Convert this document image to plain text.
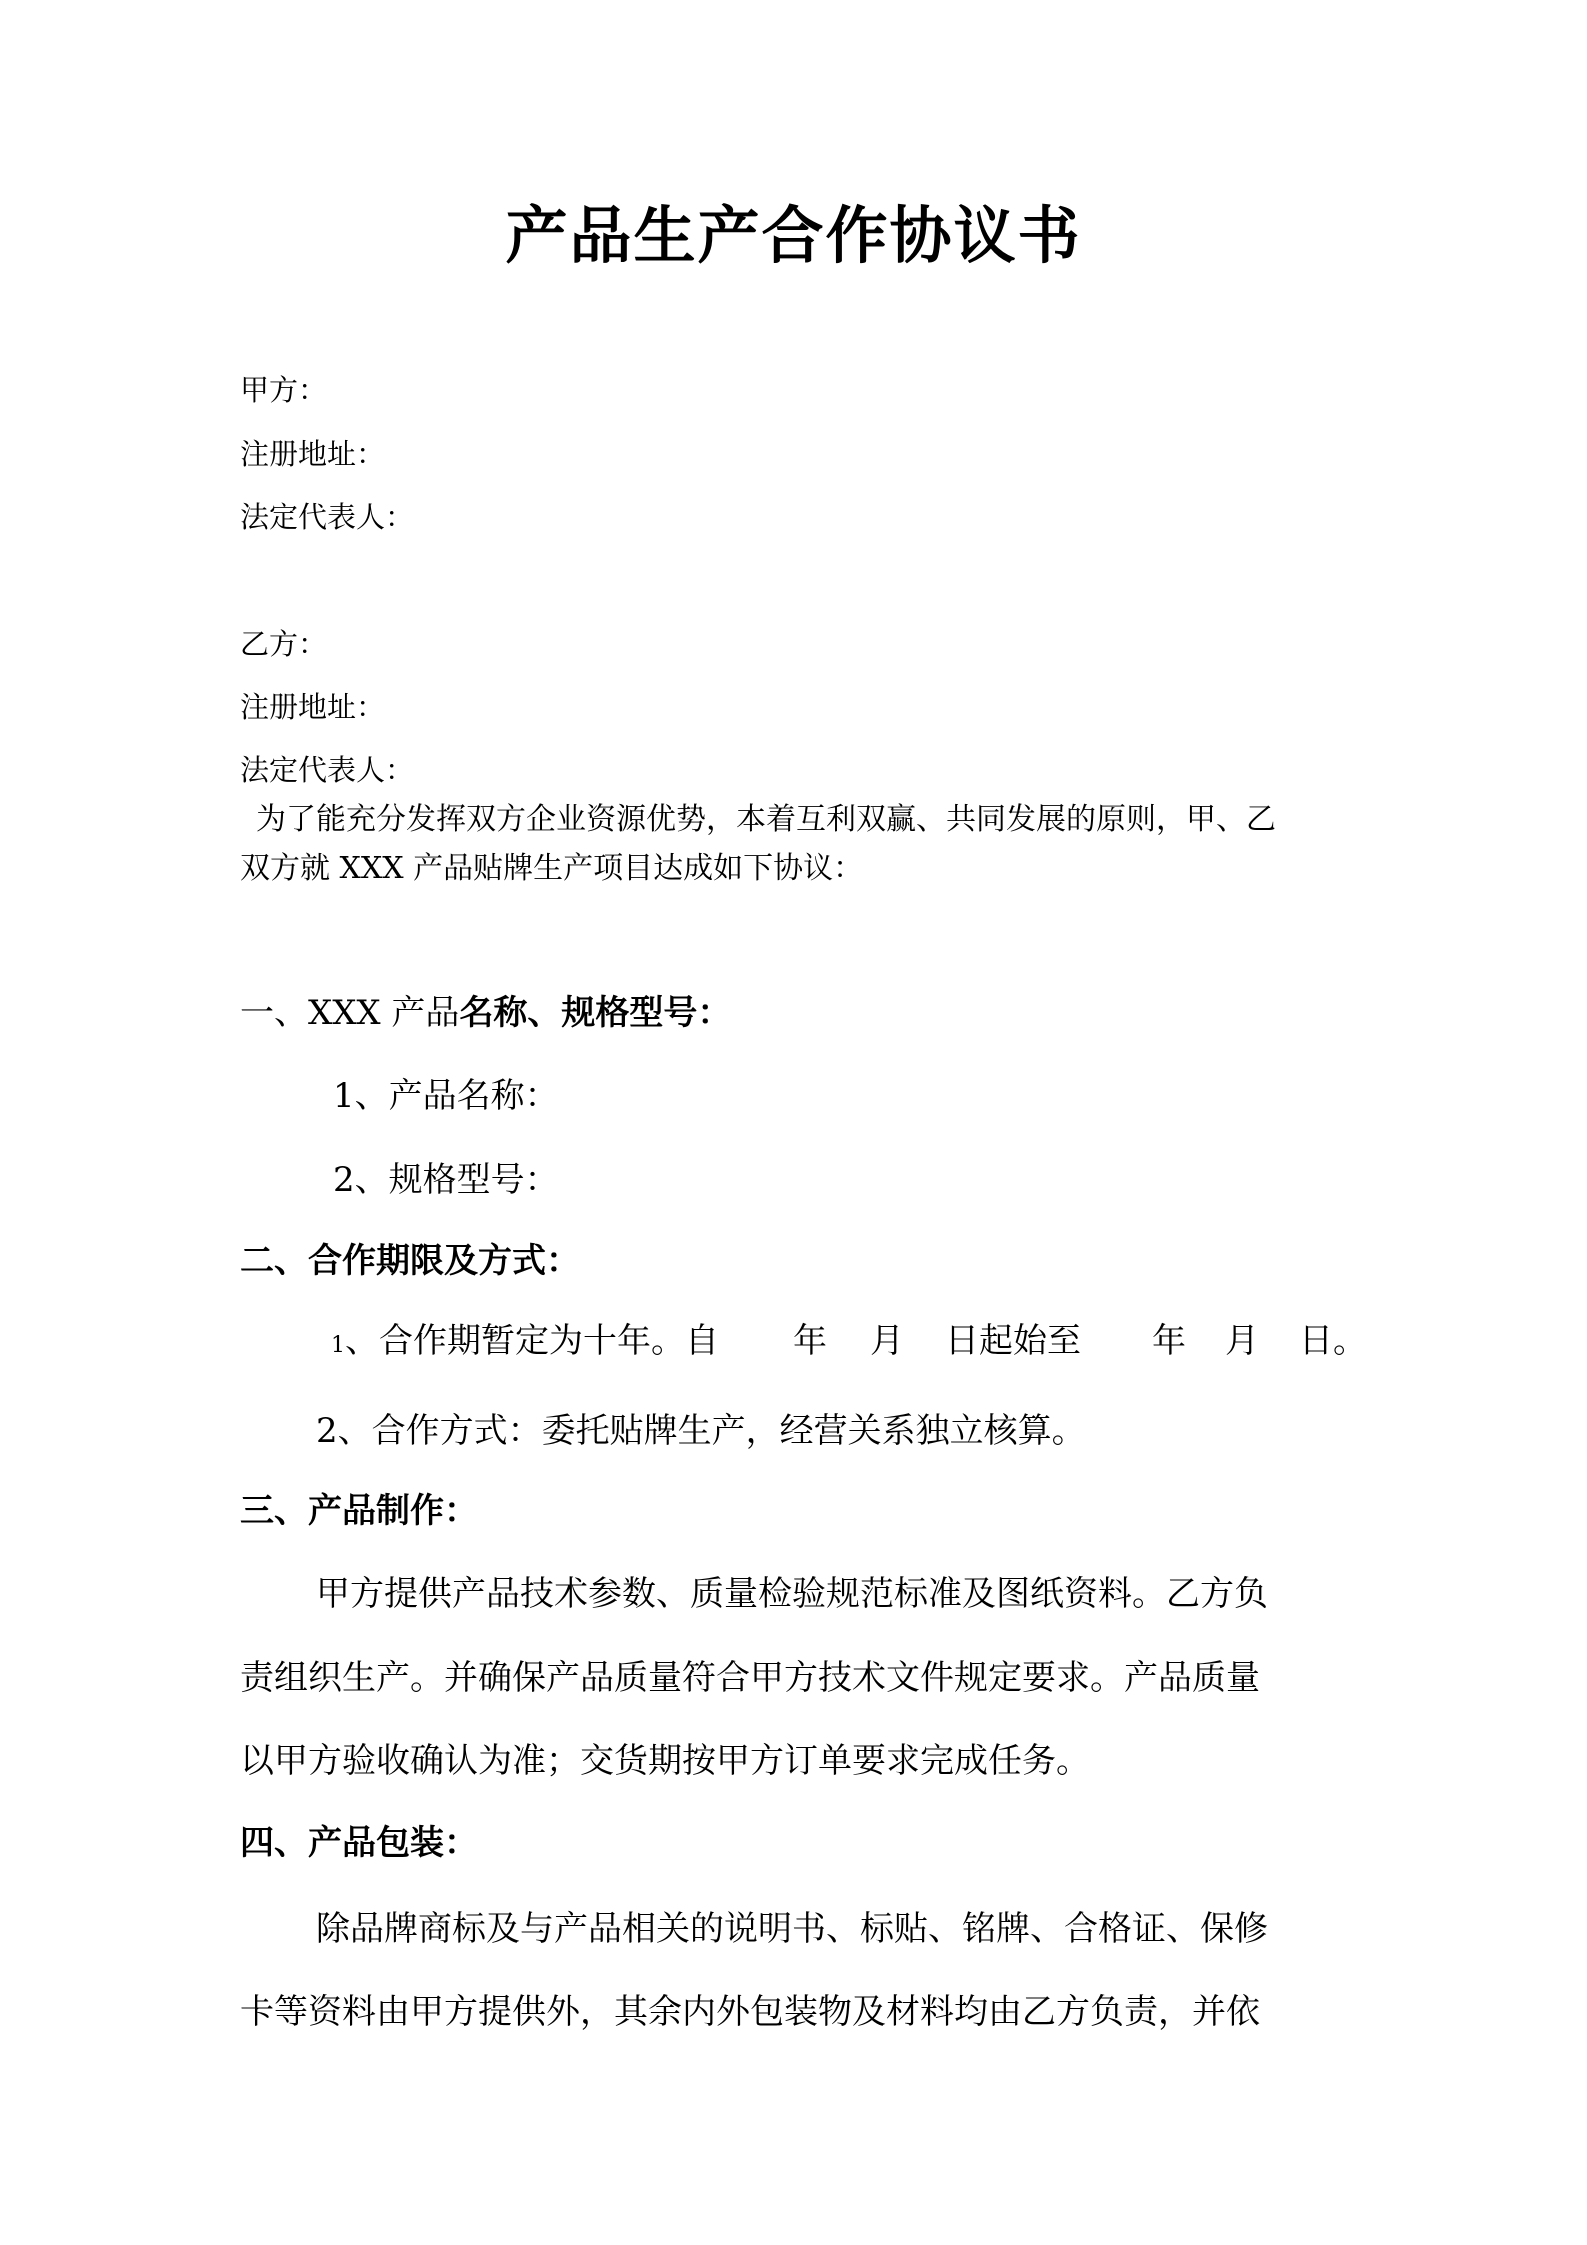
产品生产合作协议书
甲方：
注册地址：
法定代表人：
乙方：
注册地址：
法定代表人：
为了能充分发挥双方企业资源优势，本着互利双赢、共同发展的原则，甲、乙
双方就 XXX 产品贴牌生产项目达成如下协议：
一、XXX 产品名称、规格型号：
1、产品名称：
2、规格型号：
二、合作期限及方式：
1、合作期暂定为十年。自 年 月 日起始至 年 月 日。
2、合作方式：委托贴牌生产，经营关系独立核算。
三、产品制作：
甲方提供产品技术参数、质量检验规范标准及图纸资料。乙方负
责组织生产。并确保产品质量符合甲方技术文件规定要求。产品质量
以甲方验收确认为准；交货期按甲方订单要求完成任务。
四、产品包装：
除品牌商标及与产品相关的说明书、标贴、铭牌、合格证、保修
卡等资料由甲方提供外，其余内外包装物及材料均由乙方负责，并依
